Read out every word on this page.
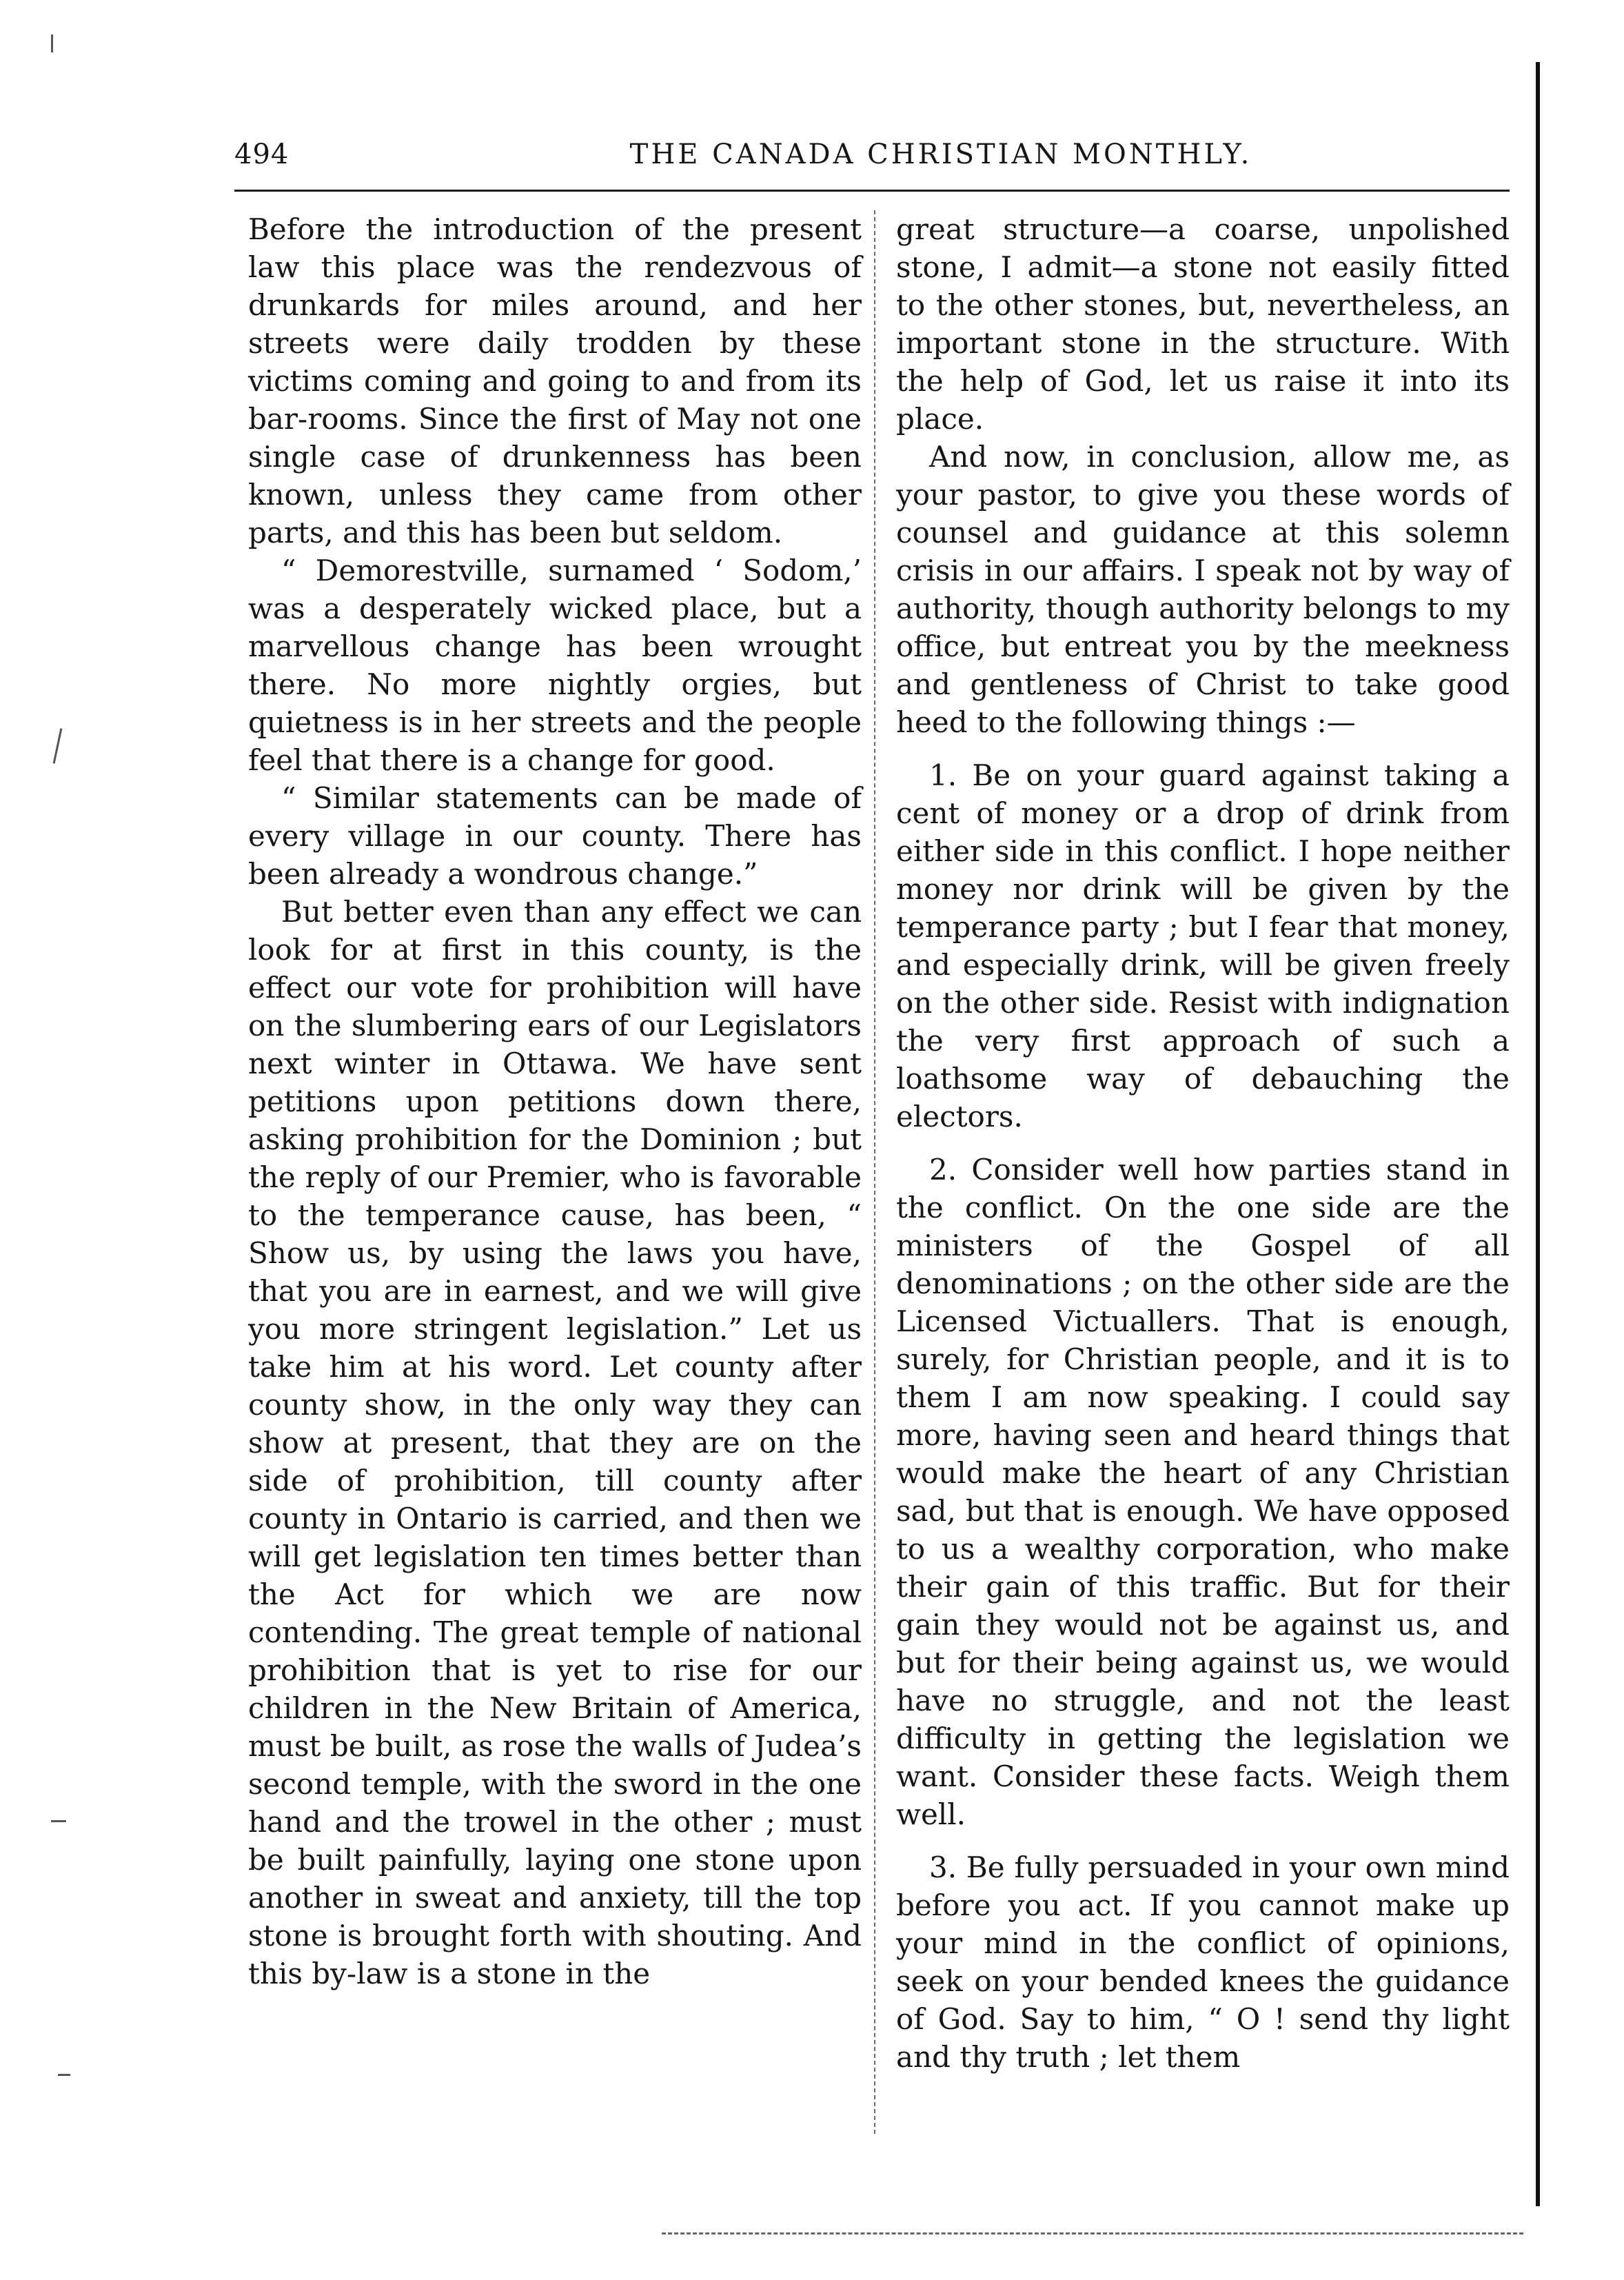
494	THE CANADA CHRISTIAN MONTHLY.

Before the introduction of the present law this place was the rendezvous of drunkards for miles around, and her streets were daily trodden by these victims coming and going to and from its bar-rooms. Since the first of May not one single case of drunkenness has been known, unless they came from other parts, and this has been but seldom.

“ Demorestville, surnamed ‘ Sodom,’ was a desperately wicked place, but a marvellous change has been wrought there. No more nightly orgies, but quietness is in her streets and the people feel that there is a change for good.

“ Similar statements can be made of every village in our county. There has been already a wondrous change.”

But better even than any effect we can look for at first in this county, is the effect our vote for prohibition will have on the slumbering ears of our Legislators next winter in Ottawa. We have sent petitions upon petitions down there, asking prohibition for the Dominion ; but the reply of our Premier, who is favorable to the temperance cause, has been, “ Show us, by using the laws you have, that you are in earnest, and we will give you more stringent legislation.” Let us take him at his word. Let county after county show, in the only way they can show at present, that they are on the side of prohibition, till county after county in Ontario is carried, and then we will get legislation ten times better than the Act for which we are now contending. The great temple of national prohibition that is yet to rise for our children in the New Britain of America, must be built, as rose the walls of Judea’s second temple, with the sword in the one hand and the trowel in the other ; must be built painfully, laying one stone upon another in sweat and anxiety, till the top stone is brought forth with shouting. And this by-law is a stone in the

great structure—a coarse, unpolished stone, I admit—a stone not easily fitted to the other stones, but, nevertheless, an important stone in the structure. With the help of God, let us raise it into its place.

And now, in conclusion, allow me, as your pastor, to give you these words of counsel and guidance at this solemn crisis in our affairs. I speak not by way of authority, though authority belongs to my office, but entreat you by the meekness and gentleness of Christ to take good heed to the following things :—

1. Be on your guard against taking a cent of money or a drop of drink from either side in this conflict. I hope neither money nor drink will be given by the temperance party ; but I fear that money, and especially drink, will be given freely on the other side. Resist with indignation the very first approach of such a loathsome way of debauching the electors.

2. Consider well how parties stand in the conflict. On the one side are the ministers of the Gospel of all denominations ; on the other side are the Licensed Victuallers. That is enough, surely, for Christian people, and it is to them I am now speaking. I could say more, having seen and heard things that would make the heart of any Christian sad, but that is enough. We have opposed to us a wealthy corporation, who make their gain of this traffic. But for their gain they would not be against us, and but for their being against us, we would have no struggle, and not the least difficulty in getting the legislation we want. Consider these facts. Weigh them well.

3. Be fully persuaded in your own mind before you act. If you cannot make up your mind in the conflict of opinions, seek on your bended knees the guidance of God. Say to him, “ O ! send thy light and thy truth ; let them
